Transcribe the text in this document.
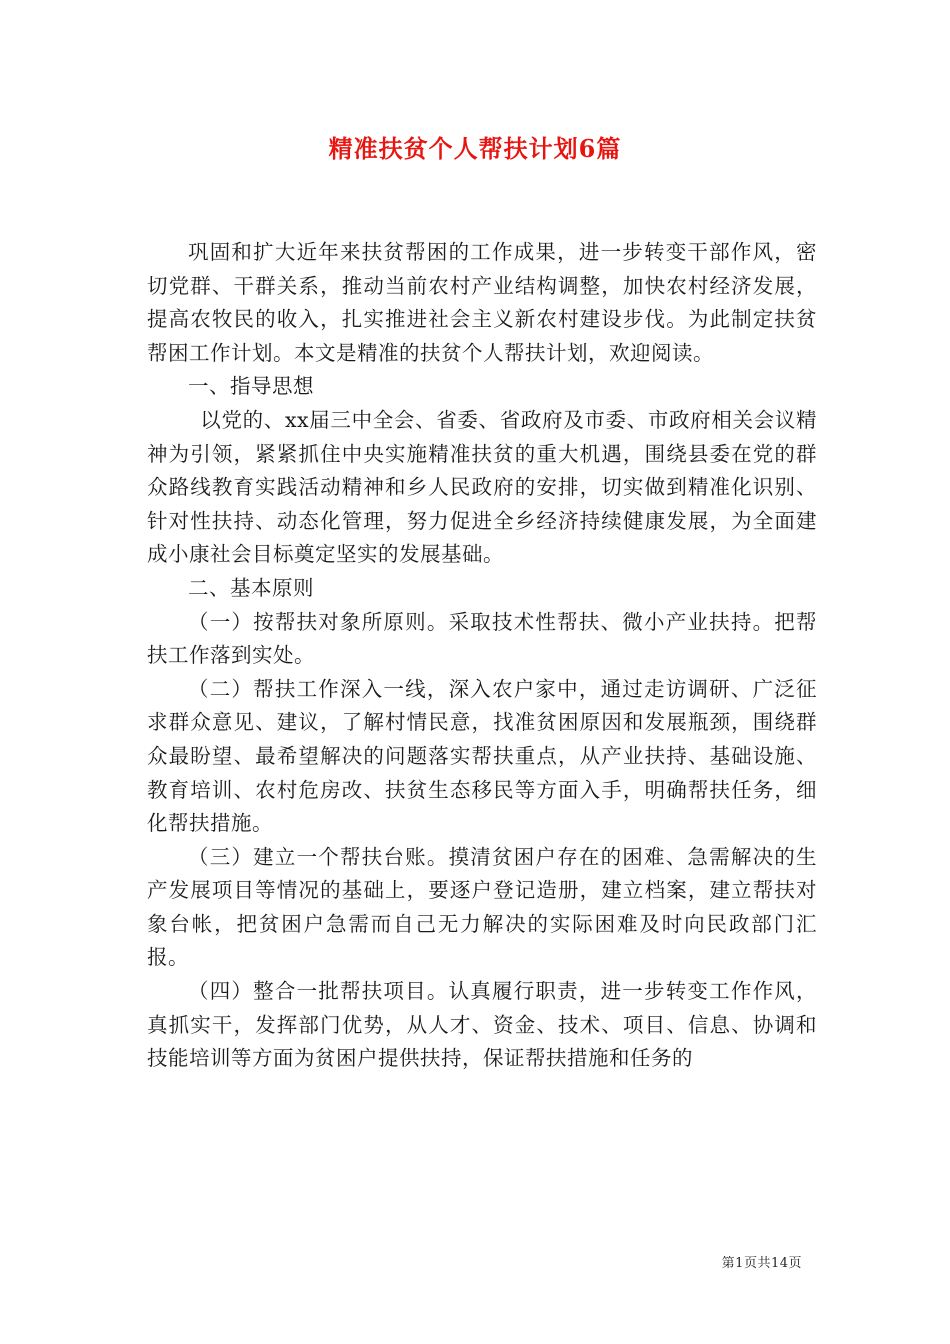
精准扶贫个人帮扶计划6篇

巩固和扩大近年来扶贫帮困的工作成果，进一步转变干部作风，密切党群、干群关系，推动当前农村产业结构调整，加快农村经济发展，提高农牧民的收入，扎实推进社会主义新农村建设步伐。为此制定扶贫帮困工作计划。本文是精准的扶贫个人帮扶计划，欢迎阅读。

一、指导思想

以党的、xx届三中全会、省委、省政府及市委、市政府相关会议精神为引领，紧紧抓住中央实施精准扶贫的重大机遇，围绕县委在党的群众路线教育实践活动精神和乡人民政府的安排，切实做到精准化识别、针对性扶持、动态化管理，努力促进全乡经济持续健康发展，为全面建成小康社会目标奠定坚实的发展基础。

二、基本原则

（一）按帮扶对象所原则。采取技术性帮扶、微小产业扶持。把帮扶工作落到实处。

（二）帮扶工作深入一线，深入农户家中，通过走访调研、广泛征求群众意见、建议，了解村情民意，找准贫困原因和发展瓶颈，围绕群众最盼望、最希望解决的问题落实帮扶重点，从产业扶持、基础设施、教育培训、农村危房改、扶贫生态移民等方面入手，明确帮扶任务，细化帮扶措施。

（三）建立一个帮扶台账。摸清贫困户存在的困难、急需解决的生产发展项目等情况的基础上，要逐户登记造册，建立档案，建立帮扶对象台帐，把贫困户急需而自己无力解决的实际困难及时向民政部门汇报。

（四）整合一批帮扶项目。认真履行职责，进一步转变工作作风，真抓实干，发挥部门优势，从人才、资金、技术、项目、信息、协调和技能培训等方面为贫困户提供扶持，保证帮扶措施和任务的

第1页共14页
